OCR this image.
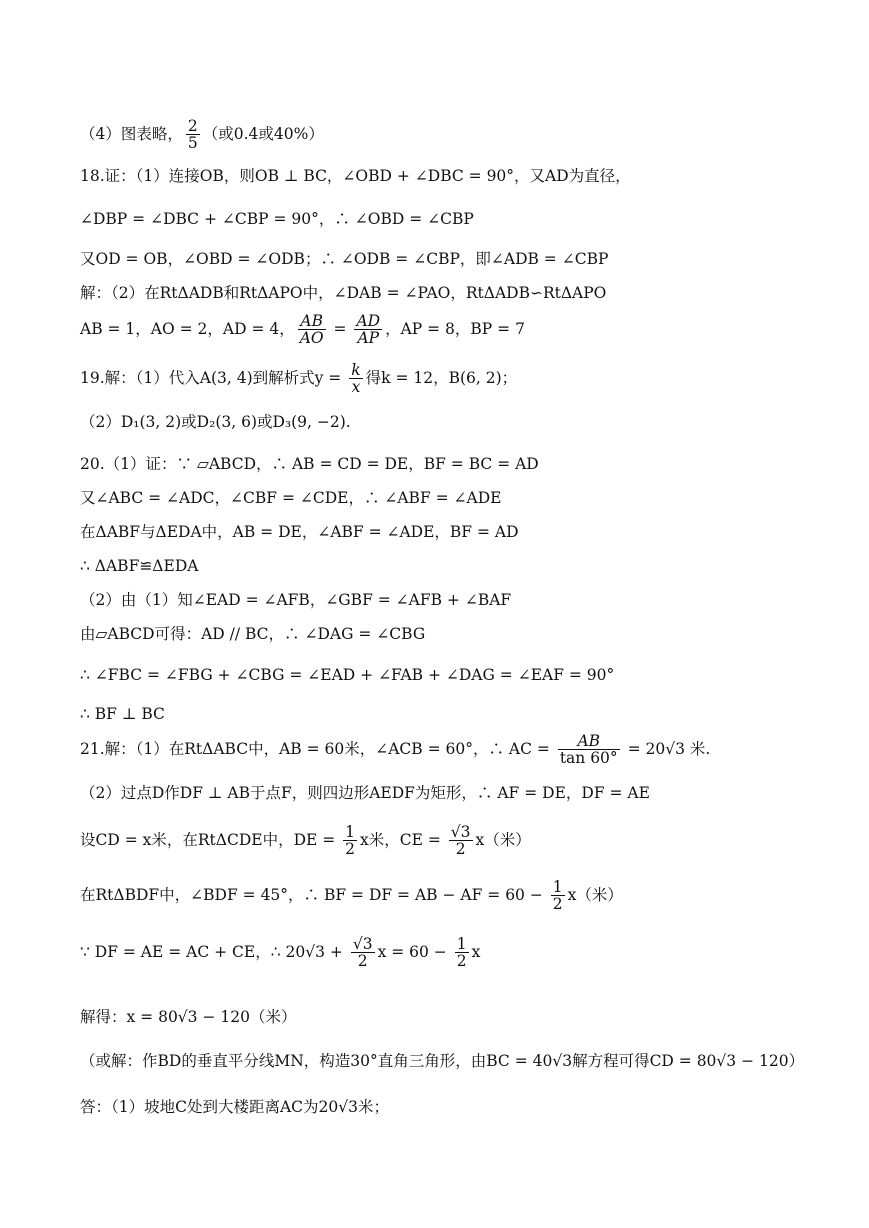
（4）图表略， $\frac{2}{5}$ （或0.4或40%）
18.证：（1）连接OB，则OB ⊥ BC，∠OBD + ∠DBC = 90°，又AD为直径，
∠DBP = ∠DBC + ∠CBP = 90°，∴ ∠OBD = ∠CBP
又OD = OB，∠OBD = ∠ODB；∴ ∠ODB = ∠CBP，即∠ADB = ∠CBP
解：（2）在RtΔADB和RtΔAPO中，∠DAB = ∠PAO，RtΔADB∽RtΔAPO
AB = 1，AO = 2，AD = 4， $\frac{AB}{AO} = \frac{AD}{AP}$ ，AP = 8，BP = 7
19.解：（1）代入A(3, 4)到解析式$y = \frac{k}{x}$ 得k = 12，B(6, 2)；
（2）D₁(3, 2)或D₂(3, 6)或D₃(9, −2).
20.（1）证：∵ ▱ABCD，∴ AB = CD = DE，BF = BC = AD
又∠ABC = ∠ADC，∠CBF = ∠CDE，∴ ∠ABF = ∠ADE
在ΔABF与ΔEDA中，AB = DE，∠ABF = ∠ADE，BF = AD
∴ ΔABF≌ΔEDA
（2）由（1）知∠EAD = ∠AFB，∠GBF = ∠AFB + ∠BAF
由▱ABCD可得：AD // BC，∴ ∠DAG = ∠CBG
∴ ∠FBC = ∠FBG + ∠CBG = ∠EAD + ∠FAB + ∠DAG = ∠EAF = 90°
∴ BF ⊥ BC
21.解：（1）在RtΔABC中，AB = 60米，∠ACB = 60°，∴ AC = $\frac{AB}{\tan 60^\circ} = 20√3$ 米.
（2）过点D作DF ⊥ AB于点F，则四边形AEDF为矩形，∴ AF = DE，DF = AE
设CD = x米，在RtΔCDE中，DE = $\frac{1}{2}$ x米，CE = $\frac{√3}{2} x$（米）
在RtΔBDF中，∠BDF = 45°，∴ BF = DF = AB − AF = $60 - \frac{1}{2} x$（米）
∵ DF = AE = AC + CE，∴ $20√3 + \frac{√3}{2}$ $x = 60 - \frac{1}{2}$ x
解得：x = 80√3 − 120（米）
（或解：作BD的垂直平分线MN，构造30°直角三角形，由BC = 40√3解方程可得CD = 80√3 − 120）
答：（1）坡地C处到大楼距离AC为20√3米；
